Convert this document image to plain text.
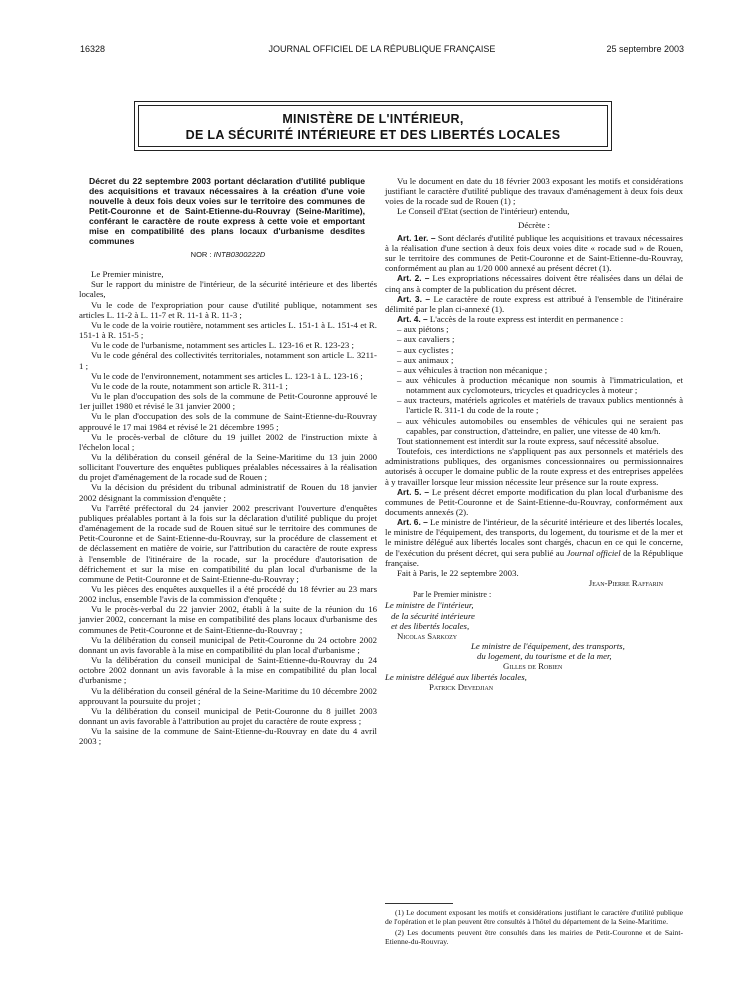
16328	JOURNAL OFFICIEL DE LA RÉPUBLIQUE FRANÇAISE	25 septembre 2003
MINISTÈRE DE L'INTÉRIEUR,
DE LA SÉCURITÉ INTÉRIEURE ET DES LIBERTÉS LOCALES
Décret du 22 septembre 2003 portant déclaration d'utilité publique des acquisitions et travaux nécessaires à la création d'une voie nouvelle à deux fois deux voies sur le territoire des communes de Petit-Couronne et de Saint-Etienne-du-Rouvray (Seine-Maritime), conférant le caractère de route express à cette voie et emportant mise en compatibilité des plans locaux d'urbanisme desdites communes
NOR : INTB0300222D

Le Premier ministre,

Sur le rapport du ministre de l'intérieur, de la sécurité intérieure et des libertés locales,

Vu le code de l'expropriation pour cause d'utilité publique, notamment ses articles L. 11-2 à L. 11-7 et R. 11-1 à R. 11-3 ;

Vu le code de la voirie routière, notamment ses articles L. 151-1 à L. 151-4 et R. 151-1 à R. 151-5 ;

Vu le code de l'urbanisme, notamment ses articles L. 123-16 et R. 123-23 ;

Vu le code général des collectivités territoriales, notamment son article L. 3211-1 ;

Vu le code de l'environnement, notamment ses articles L. 123-1 à L. 123-16 ;

Vu le code de la route, notamment son article R. 311-1 ;

Vu le plan d'occupation des sols de la commune de Petit-Couronne approuvé le 1er juillet 1980 et révisé le 31 janvier 2000 ;

Vu le plan d'occupation des sols de la commune de Saint-Etienne-du-Rouvray approuvé le 17 mai 1984 et révisé le 21 décembre 1995 ;

Vu le procès-verbal de clôture du 19 juillet 2002 de l'instruction mixte à l'échelon local ;

Vu la délibération du conseil général de la Seine-Maritime du 13 juin 2000 sollicitant l'ouverture des enquêtes publiques préalables nécessaires à la réalisation du projet d'aménagement de la rocade sud de Rouen ;

Vu la décision du président du tribunal administratif de Rouen du 18 janvier 2002 désignant la commission d'enquête ;

Vu l'arrêté préfectoral du 24 janvier 2002 prescrivant l'ouverture d'enquêtes publiques préalables portant à la fois sur la déclaration d'utilité publique du projet d'aménagement de la rocade sud de Rouen situé sur le territoire des communes de Petit-Couronne et de Saint-Etienne-du-Rouvray, sur la procédure de classement et de déclassement en matière de voirie, sur l'attribution du caractère de route express à l'ensemble de l'itinéraire de la rocade, sur la procédure d'autorisation de défrichement et sur la mise en compatibilité du plan local d'urbanisme de la commune de Petit-Couronne et de Saint-Etienne-du-Rouvray ;

Vu les pièces des enquêtes auxquelles il a été procédé du 18 février au 23 mars 2002 inclus, ensemble l'avis de la commission d'enquête ;

Vu le procès-verbal du 22 janvier 2002, établi à la suite de la réunion du 16 janvier 2002, concernant la mise en compatibilité des plans locaux d'urbanisme des communes de Petit-Couronne et de Saint-Etienne-du-Rouvray ;

Vu la délibération du conseil municipal de Petit-Couronne du 24 octobre 2002 donnant un avis favorable à la mise en compatibilité du plan local d'urbanisme ;

Vu la délibération du conseil municipal de Saint-Etienne-du-Rouvray du 24 octobre 2002 donnant un avis favorable à la mise en compatibilité du plan local d'urbanisme ;

Vu la délibération du conseil général de la Seine-Maritime du 10 décembre 2002 approuvant la poursuite du projet ;

Vu la délibération du conseil municipal de Petit-Couronne du 8 juillet 2003 donnant un avis favorable à l'attribution au projet du caractère de route express ;

Vu la saisine de la commune de Saint-Etienne-du-Rouvray en date du 4 avril 2003 ;

Vu le document en date du 18 février 2003 exposant les motifs et considérations justifiant le caractère d'utilité publique des travaux d'aménagement à deux fois deux voies de la rocade sud de Rouen (1) ;

Le Conseil d'Etat (section de l'intérieur) entendu,

Décrète :

Art. 1er. – Sont déclarés d'utilité publique les acquisitions et travaux nécessaires à la réalisation d'une section à deux fois deux voies dite « rocade sud » de Rouen, sur le territoire des communes de Petit-Couronne et de Saint-Etienne-du-Rouvray, conformément au plan au 1/20 000 annexé au présent décret (1).

Art. 2. – Les expropriations nécessaires doivent être réalisées dans un délai de cinq ans à compter de la publication du présent décret.

Art. 3. – Le caractère de route express est attribué à l'ensemble de l'itinéraire délimité par le plan ci-annexé (1).

Art. 4. – L'accès de la route express est interdit en permanence :

– aux piétons ;
– aux cavaliers ;
– aux cyclistes ;
– aux animaux ;
– aux véhicules à traction non mécanique ;
– aux véhicules à production mécanique non soumis à l'immatriculation, et notamment aux cyclomoteurs, tricycles et quadricycles à moteur ;
– aux tracteurs, matériels agricoles et matériels de travaux publics mentionnés à l'article R. 311-1 du code de la route ;
– aux véhicules automobiles ou ensembles de véhicules qui ne seraient pas capables, par construction, d'atteindre, en palier, une vitesse de 40 km/h.

Tout stationnement est interdit sur la route express, sauf nécessité absolue.

Toutefois, ces interdictions ne s'appliquent pas aux personnels et matériels des administrations publiques, des organismes concessionnaires ou permissionnaires autorisés à occuper le domaine public de la route express et des entreprises appelées à y travailler lorsque leur mission nécessite leur présence sur la route express.

Art. 5. – Le présent décret emporte modification du plan local d'urbanisme des communes de Petit-Couronne et de Saint-Etienne-du-Rouvray, conformément aux documents annexés (2).

Art. 6. – Le ministre de l'intérieur, de la sécurité intérieure et des libertés locales, le ministre de l'équipement, des transports, du logement, du tourisme et de la mer et le ministre délégué aux libertés locales sont chargés, chacun en ce qui le concerne, de l'exécution du présent décret, qui sera publié au Journal officiel de la République française.

Fait à Paris, le 22 septembre 2003.

Jean-Pierre Raffarin
Par le Premier ministre :
Le ministre de l'intérieur,
de la sécurité intérieure
et des libertés locales,
Nicolas Sarkozy
Le ministre de l'équipement, des transports,
du logement, du tourisme et de la mer,
Gilles de Robien
Le ministre délégué aux libertés locales,
Patrick Devedjian

(1) Le document exposant les motifs et considérations justifiant le caractère d'utilité publique de l'opération et le plan peuvent être consultés à l'hôtel du département de la Seine-Maritime.

(2) Les documents peuvent être consultés dans les mairies de Petit-Couronne et de Saint-Etienne-du-Rouvray.
